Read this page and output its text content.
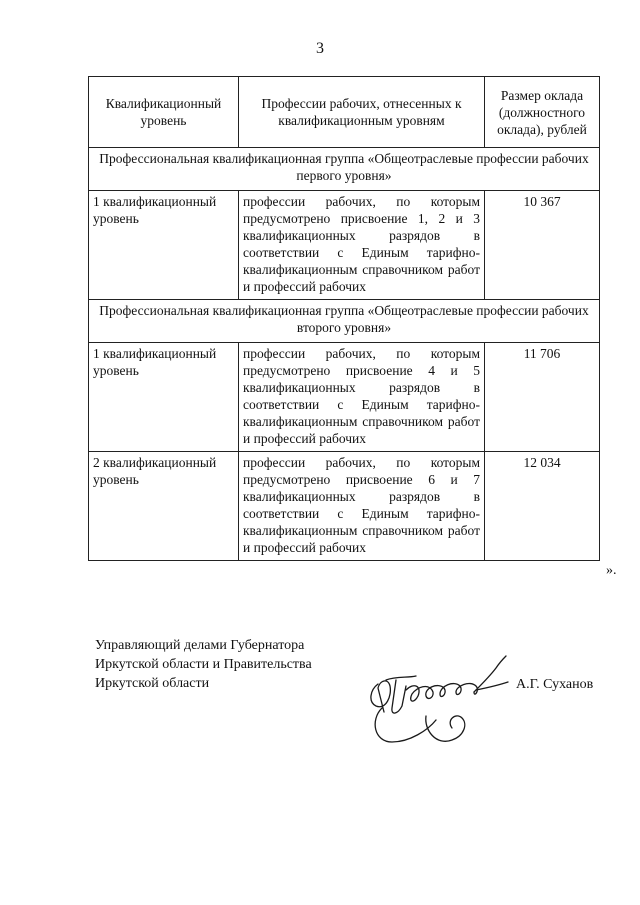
3
Квалификационный уровень	Профессии рабочих, отнесенных к квалификационным уровням	Размер оклада (должностного оклада), рублей
Профессиональная квалификационная группа «Общеотраслевые профессии рабочих первого уровня»		
1 квалификационный уровень	профессии рабочих, по которым предусмотрено присвоение 1, 2 и 3 квалификационных разрядов в соответствии с Единым тарифно-квалификационным справочником работ и профессий рабочих	10 367
Профессиональная квалификационная группа «Общеотраслевые профессии рабочих второго уровня»		
1 квалификационный уровень	профессии рабочих, по которым предусмотрено присвоение 4 и 5 квалификационных разрядов в соответствии с Единым тарифно-квалификационным справочником работ и профессий рабочих	11 706
2 квалификационный уровень	профессии рабочих, по которым предусмотрено присвоение 6 и 7 квалификационных разрядов в соответствии с Единым тарифно-квалификационным справочником работ и профессий рабочих	12 034
».
Управляющий делами Губернатора
Иркутской области и Правительства
Иркутской области	А.Г. Суханов
